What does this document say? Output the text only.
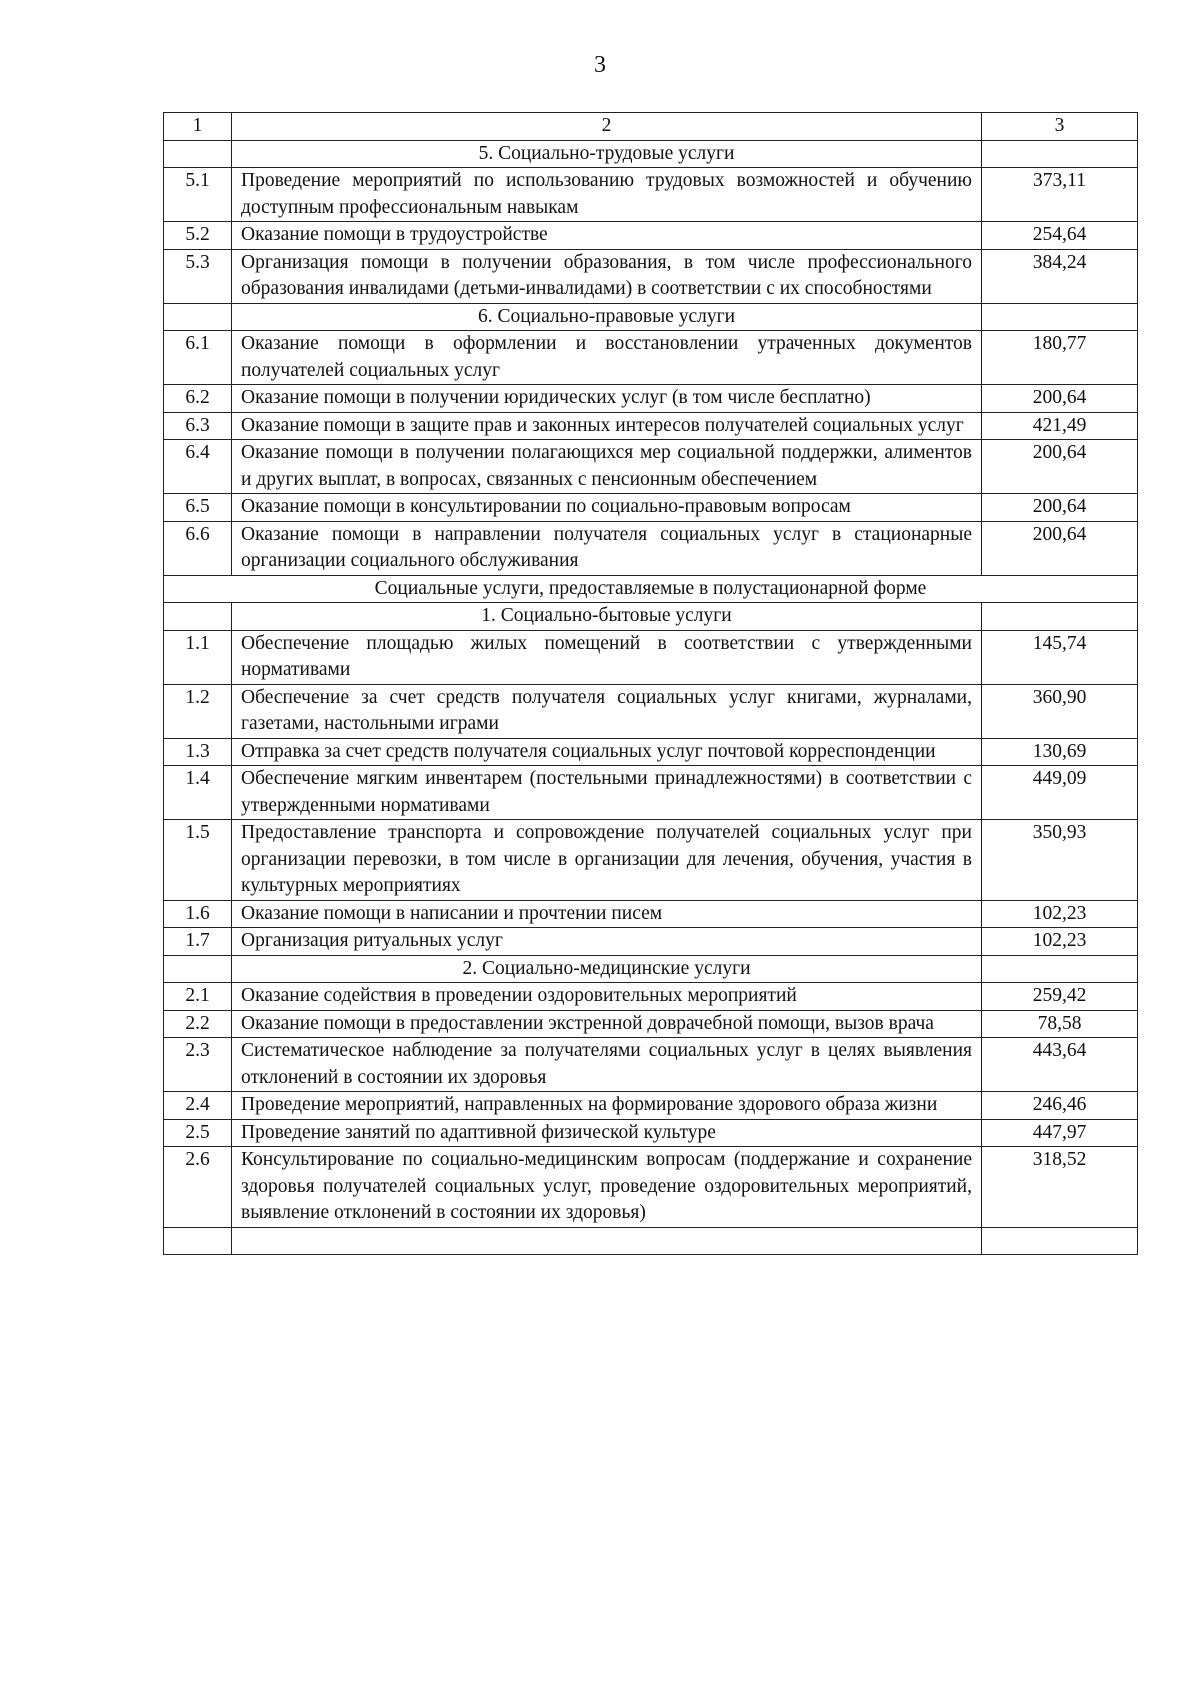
3
1	2	3
	5. Социально-трудовые услуги	
5.1	Проведение мероприятий по использованию трудовых возможностей и обучению доступным профессиональным навыкам	373,11
5.2	Оказание помощи в трудоустройстве	254,64
5.3	Организация помощи в получении образования, в том числе профессионального образования инвалидами (детьми-инвалидами) в соответствии с их способностями	384,24
	6. Социально-правовые услуги	
6.1	Оказание помощи в оформлении и восстановлении утраченных документов получателей социальных услуг	180,77
6.2	Оказание помощи в получении юридических услуг (в том числе бесплатно)	200,64
6.3	Оказание помощи в защите прав и законных интересов получателей социальных услуг	421,49
6.4	Оказание помощи в получении полагающихся мер социальной поддержки, алиментов и других выплат, в вопросах, связанных с пенсионным обеспечением	200,64
6.5	Оказание помощи в консультировании по социально-правовым вопросам	200,64
6.6	Оказание помощи в направлении получателя социальных услуг в стационарные организации социального обслуживания	200,64
Социальные услуги, предоставляемые в полустационарной форме		
	1. Социально-бытовые услуги	
1.1	Обеспечение площадью жилых помещений в соответствии с утвержденными нормативами	145,74
1.2	Обеспечение за счет средств получателя социальных услуг книгами, журналами, газетами, настольными играми	360,90
1.3	Отправка за счет средств получателя социальных услуг почтовой корреспонденции	130,69
1.4	Обеспечение мягким инвентарем (постельными принадлежностями) в соответствии с утвержденными нормативами	449,09
1.5	Предоставление транспорта и сопровождение получателей социальных услуг при организации перевозки, в том числе в организации для лечения, обучения, участия в культурных мероприятиях	350,93
1.6	Оказание помощи в написании и прочтении писем	102,23
1.7	Организация ритуальных услуг	102,23
	2. Социально-медицинские услуги	
2.1	Оказание содействия в проведении оздоровительных мероприятий	259,42
2.2	Оказание помощи в предоставлении экстренной доврачебной помощи, вызов врача	78,58
2.3	Систематическое наблюдение за получателями социальных услуг в целях выявления отклонений в состоянии их здоровья	443,64
2.4	Проведение мероприятий, направленных на формирование здорового образа жизни	246,46
2.5	Проведение занятий по адаптивной физической культуре	447,97
2.6	Консультирование по социально-медицинским вопросам (поддержание и сохранение здоровья получателей социальных услуг, проведение оздоровительных мероприятий, выявление отклонений в состоянии их здоровья)	318,52
